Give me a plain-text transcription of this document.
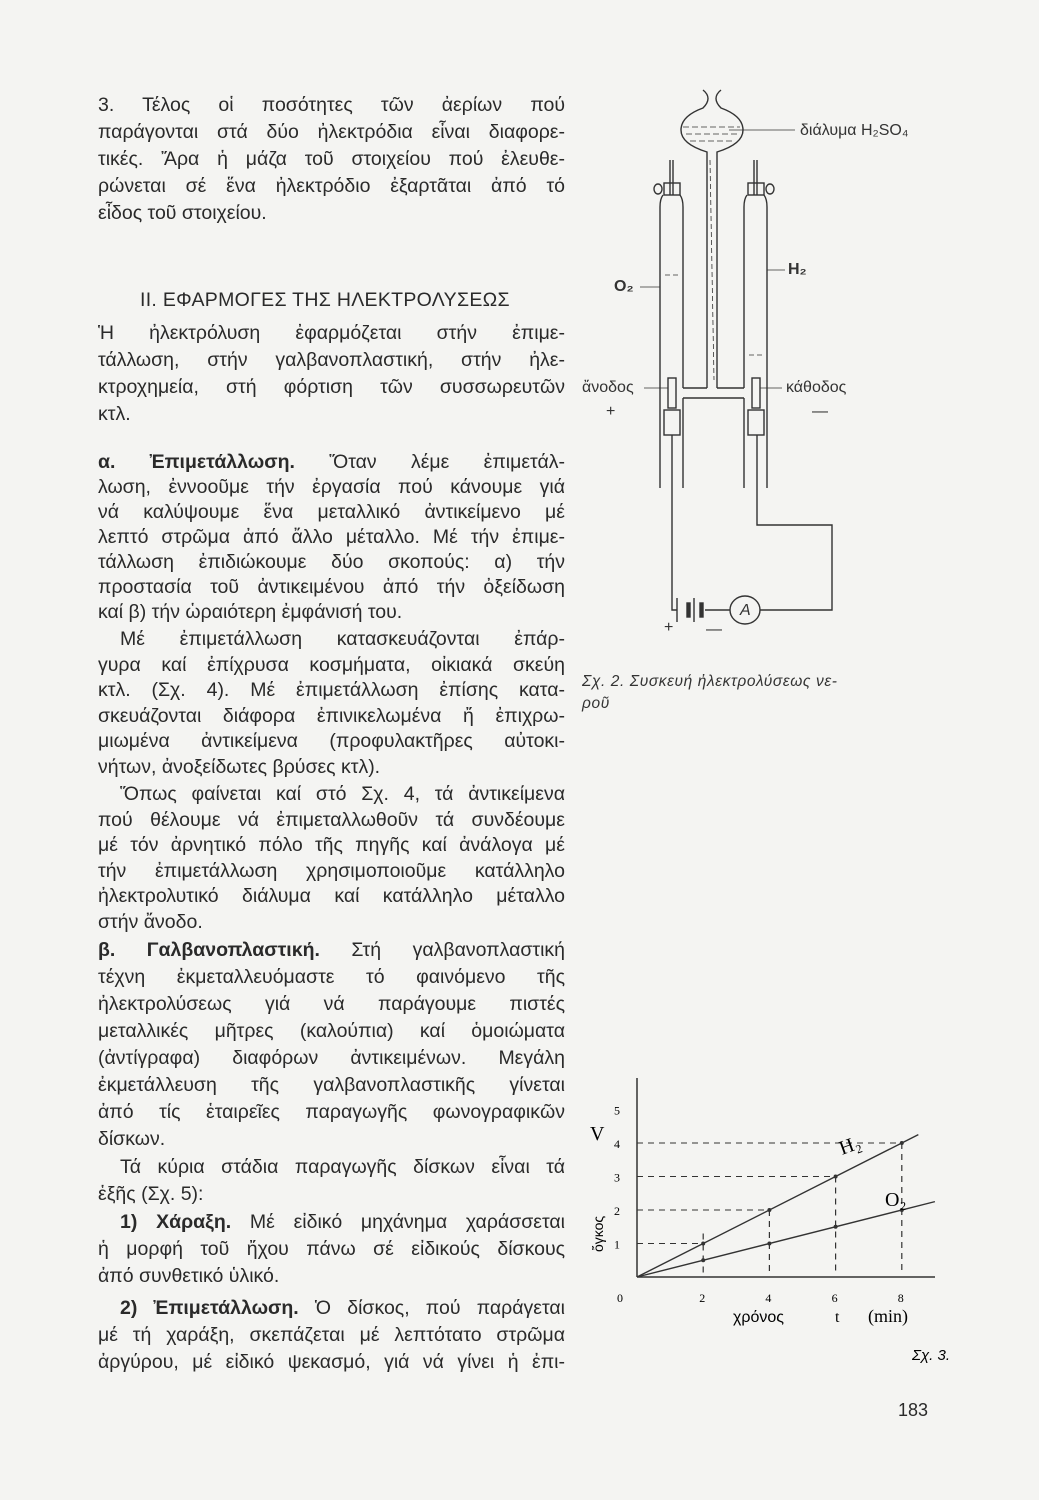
3. Τέλος οἱ ποσότητες τῶν ἀερίων πού
παράγονται στά δύο ἠλεκτρόδια εἶναι διαφορε-
τικές. Ἄρα ἡ μάζα τοῦ στοιχείου πού ἐλευθε-
ρώνεται σέ ἕνα ἠλεκτρόδιο ἐξαρτᾶται ἀπό τό
εἶδος τοῦ στοιχείου.
Ἡ ἠλεκτρόλυση ἐφαρμόζεται στήν ἐπιμε-
τάλλωση, στήν γαλβανοπλαστική, στήν ἠλε-
κτροχημεία, στή φόρτιση τῶν συσσωρευτῶν
κτλ.
α. Ἐπιμετάλλωση. Ὅταν λέμε ἐπιμετάλ-
λωση, ἐννοοῦμε τήν ἐργασία πού κάνουμε γιά
νά καλύψουμε ἕνα μεταλλικό ἀντικείμενο μέ
λεπτό στρῶμα ἀπό ἄλλο μέταλλο. Μέ τήν ἐπιμε-
τάλλωση ἐπιδιώκουμε δύο σκοπούς: α) τήν
προστασία τοῦ ἀντικειμένου ἀπό τήν ὀξείδωση
καί β) τήν ὡραιότερη ἐμφάνισή του.
Μέ ἐπιμετάλλωση κατασκευάζονται ἐπάρ-
γυρα καί ἐπίχρυσα κοσμήματα, οἰκιακά σκεύη
κτλ. (Σχ. 4). Μέ ἐπιμετάλλωση ἐπίσης κατα-
σκευάζονται διάφορα ἐπινικελωμένα ἤ ἐπιχρω-
μιωμένα ἀντικείμενα (προφυλακτῆρες αὐτοκι-
νήτων, ἀνοξείδωτες βρύσες κτλ).
Ὅπως φαίνεται καί στό Σχ. 4, τά ἀντικείμενα
πού θέλουμε νά ἐπιμεταλλωθοῦν τά συνδέουμε
μέ τόν ἀρνητικό πόλο τῆς πηγῆς καί ἀνάλογα μέ
τήν ἐπιμετάλλωση χρησιμοποιοῦμε κατάλληλο
ἠλεκτρολυτικό διάλυμα καί κατάλληλο μέταλλο
στήν ἄνοδο.
β. Γαλβανοπλαστική. Στή γαλβανοπλαστική
τέχνη ἐκμεταλλευόμαστε τό φαινόμενο τῆς
ἠλεκτρολύσεως γιά νά παράγουμε πιστές
μεταλλικές μῆτρες (καλούπια) καί ὁμοιώματα
(ἀντίγραφα) διαφόρων ἀντικειμένων. Μεγάλη
ἐκμετάλλευση τῆς γαλβανοπλαστικῆς γίνεται
ἀπό τίς ἑταιρεῖες παραγωγῆς φωνογραφικῶν
δίσκων.
Τά κύρια στάδια παραγωγῆς δίσκων εἶναι τά
ἑξῆς (Σχ. 5):
1) Χάραξη. Μέ εἰδικό μηχάνημα χαράσσεται
ἡ μορφή τοῦ ἤχου πάνω σέ εἰδικούς δίσκους
ἀπό συνθετικό ὑλικό.
2) Ἐπιμετάλλωση. Ὁ δίσκος, πού παράγεται
μέ τή χαράξη, σκεπάζεται μέ λεπτότατο στρῶμα
ἀργύρου, μέ εἰδικό ψεκασμό, γιά νά γίνει ἡ ἐπι-
II. ΕΦΑΡΜΟΓΕΣ ΤΗΣ ΗΛΕΚΤΡΟΛΥΣΕΩΣ
διάλυμα H₂SO₄
O₂
H₂
ἄνοδος
+
κάθοδος
—
+ —
A
Σχ. 2. Συσκευή ἠλεκτρολύσεως νε-
ροῦ
H₂
O₂
1
2
3
4
5
0	2	4	6	8
V
ὄγκος
χρόνος	t (min)
Σχ. 3.
183
